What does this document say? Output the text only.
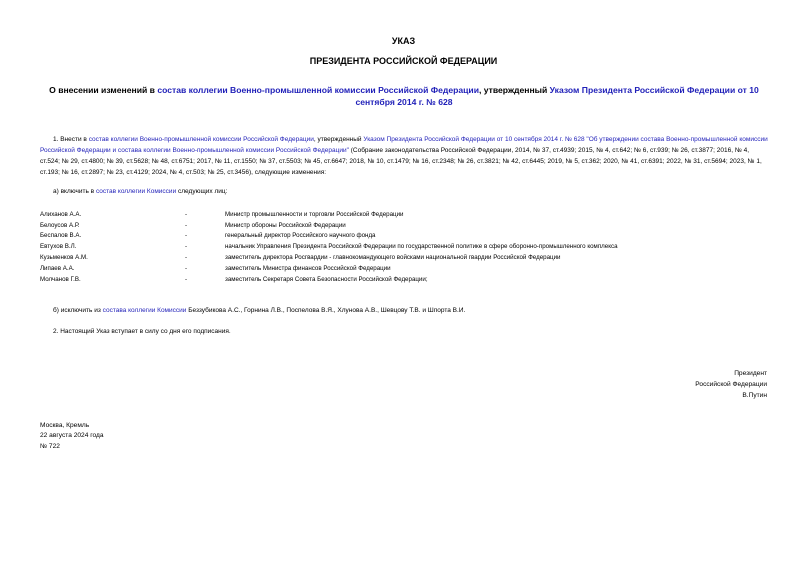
УКАЗ

ПРЕЗИДЕНТА РОССИЙСКОЙ ФЕДЕРАЦИИ

О внесении изменений в состав коллегии Военно-промышленной комиссии Российской Федерации, утвержденный Указом Президента Российской Федерации от 10 сентября 2014 г. № 628

1. Внести в состав коллегии Военно-промышленной комиссии Российской Федерации, утвержденный Указом Президента Российской Федерации от 10 сентября 2014 г. № 628 "Об утверждении состава Военно-промышленной комиссии Российской Федерации и состава коллегии Военно-промышленной комиссии Российской Федерации" (Собрание законодательства Российской Федерации, 2014, № 37, ст.4939; 2015, № 4, ст.642; № 6, ст.939; № 26, ст.3877; 2016, № 4, ст.524; № 29, ст.4800; № 39, ст.5628; № 48, ст.6751; 2017, № 11, ст.1550; № 37, ст.5503; № 45, ст.6647; 2018, № 10, ст.1479; № 16, ст.2348; № 26, ст.3821; № 42, ст.6445; 2019, № 5, ст.362; 2020, № 41, ст.6391; 2022, № 31, ст.5694; 2023, № 1, ст.193; № 16, ст.2897; № 23, ст.4129; 2024, № 4, ст.503; № 25, ст.3456), следующие изменения:

а) включить в состав коллегии Комиссии следующих лиц:

Алиханов А.А.	-	Министр промышленности и торговли Российской Федерации
Белоусов А.Р.	-	Министр обороны Российской Федерации
Беспалов В.А.	-	генеральный директор Российского научного фонда
Евтухов В.Л.	-	начальник Управления Президента Российской Федерации по государственной политике в сфере оборонно-промышленного комплекса
Кузьменков А.М.	-	заместитель директора Росгвардии - главнокомандующего войсками национальной гвардии Российской Федерации
Липаев А.А.	-	заместитель Министра финансов Российской Федерации
Молчанов Г.В.	-	заместитель Секретаря Совета Безопасности Российской Федерации;

б) исключить из состава коллегии Комиссии Беззубикова А.С., Горнина Л.В., Поспелова В.Я., Хлунова А.В., Шевцову Т.В. и Шпорта В.И.

2. Настоящий Указ вступает в силу со дня его подписания.

Президент
Российской Федерации
В.Путин
Москва, Кремль
22 августа 2024 года
№ 722
